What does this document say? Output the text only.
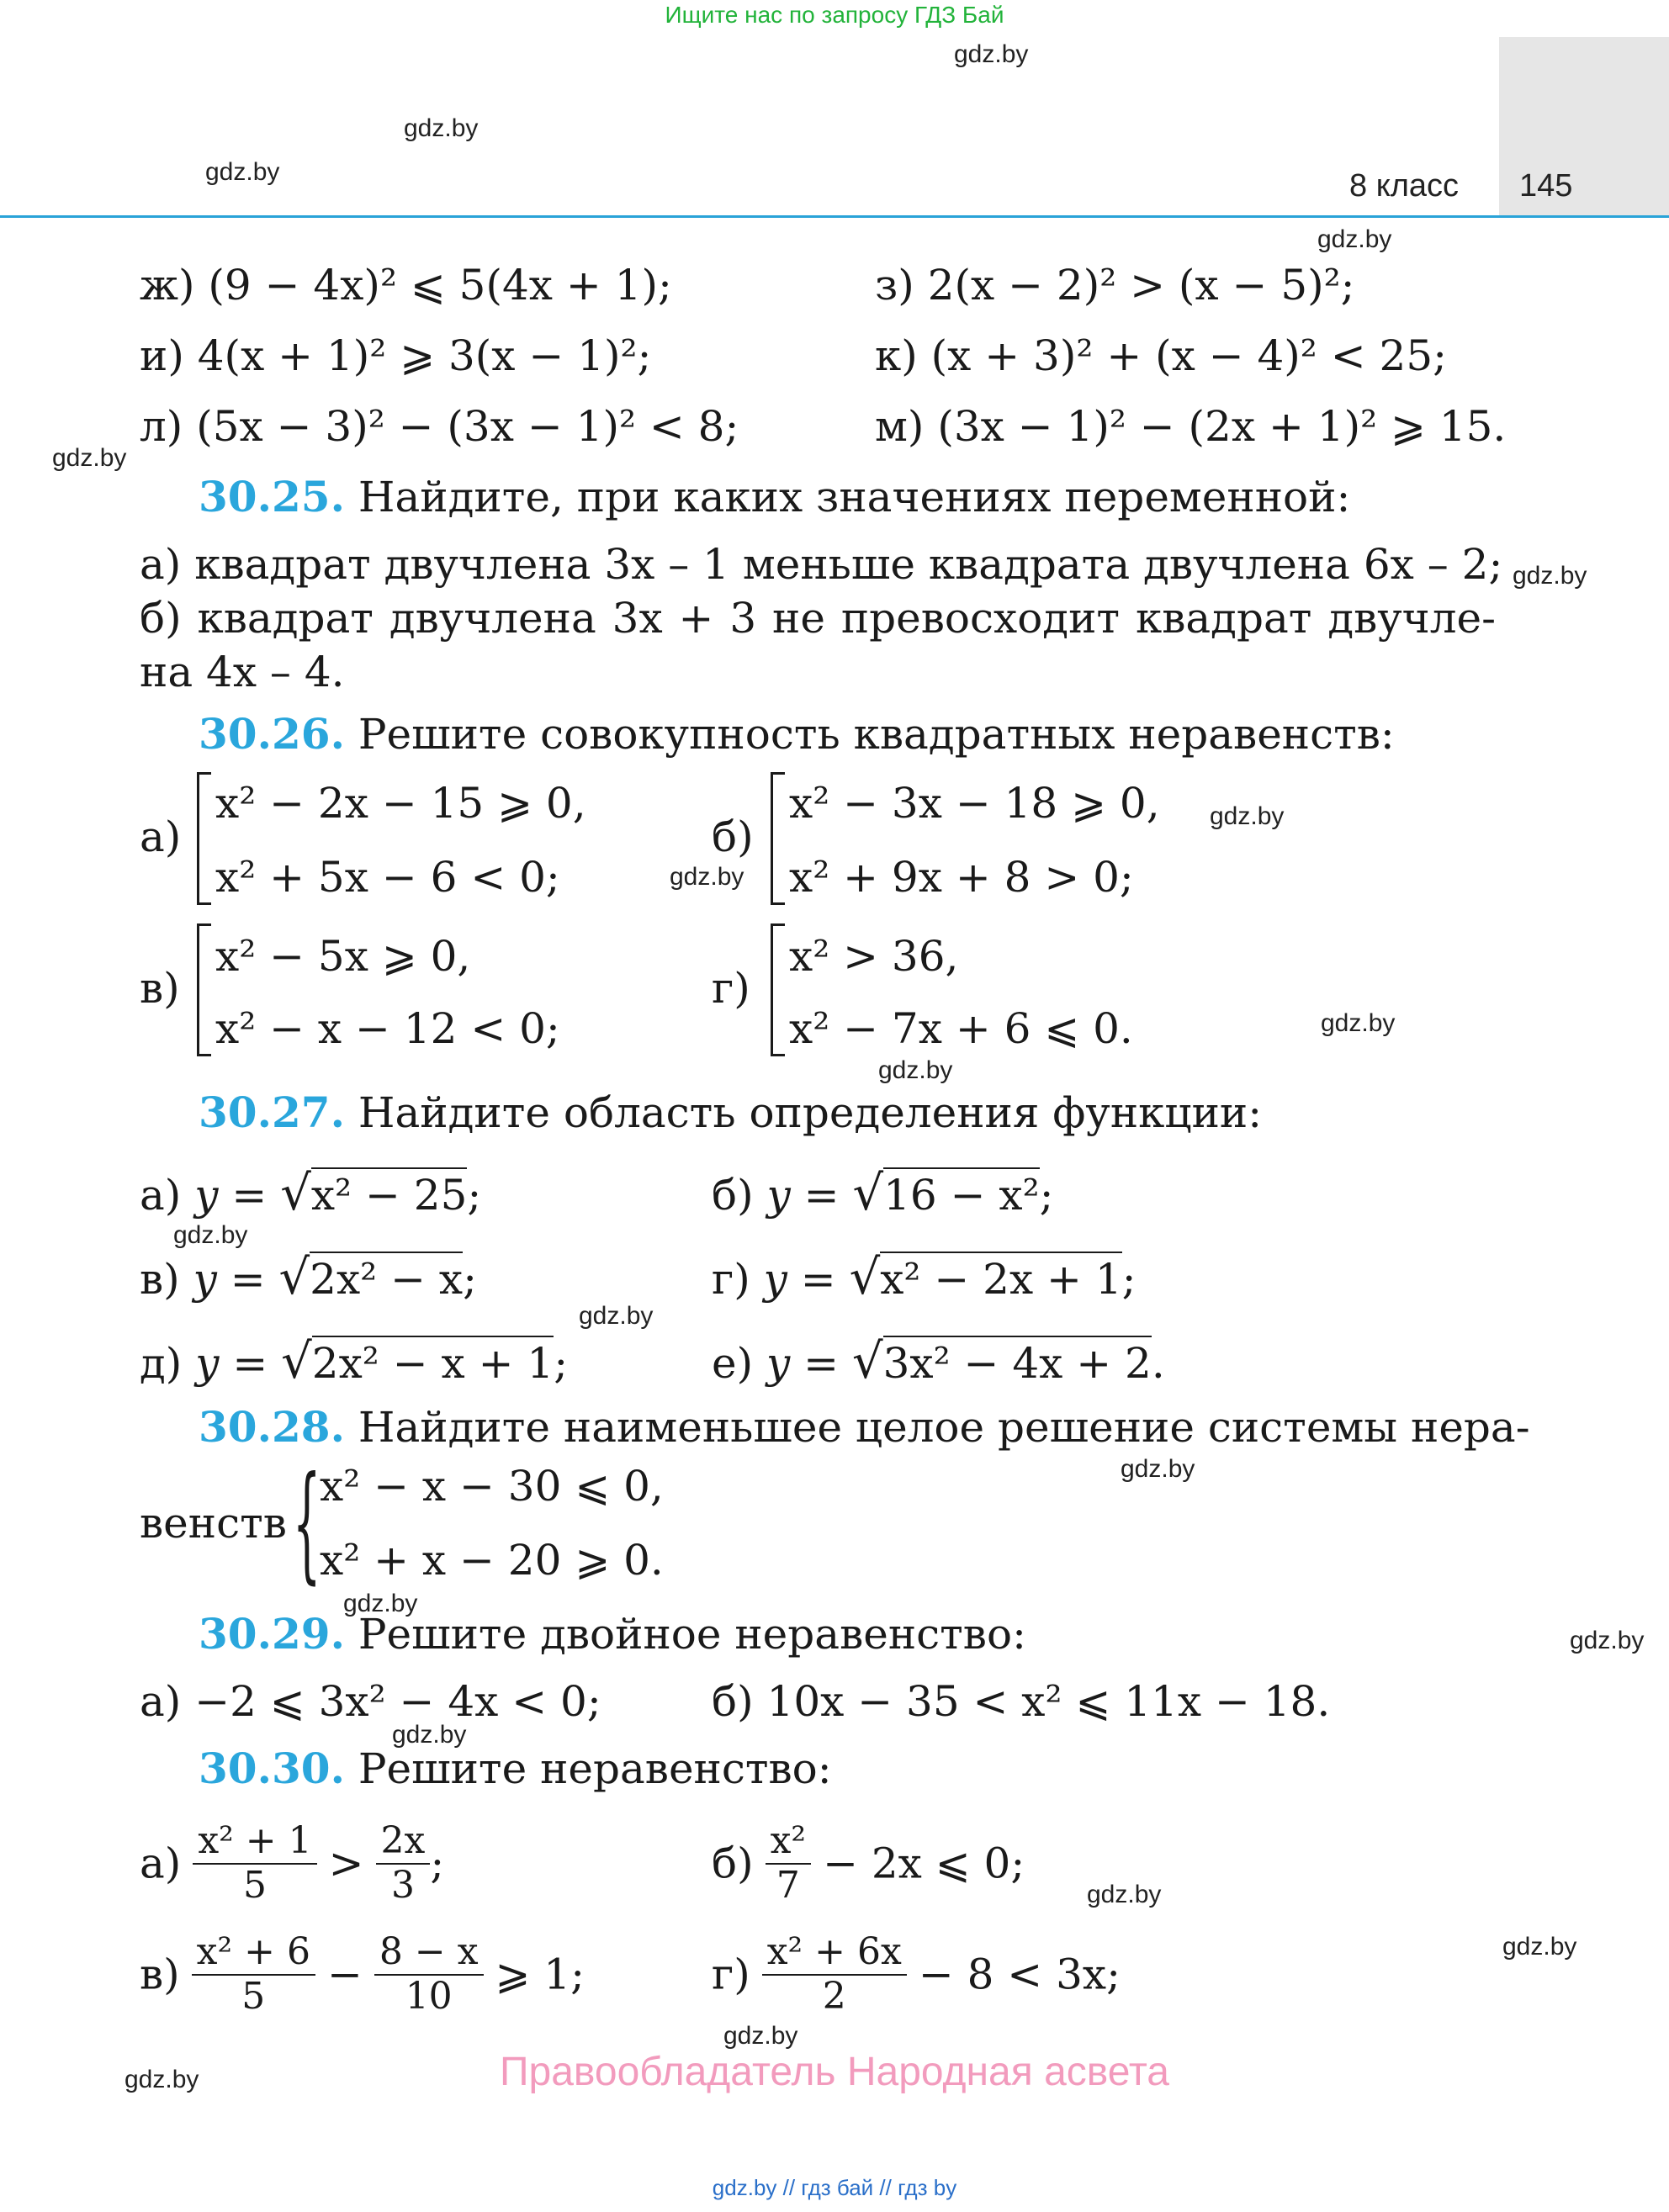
Ищите нас по запросу ГДЗ Бай
8 класс 145
gdz.by
gdz.by
gdz.by
gdz.by
gdz.by
gdz.by
gdz.by
gdz.by
gdz.by
gdz.by
gdz.by
gdz.by
gdz.by
gdz.by
gdz.by
gdz.by
gdz.by
gdz.by
gdz.by
gdz.by
ж) (9 − 4x)² ⩽ 5(4x + 1);	з) 2(x − 2)² > (x − 5)²;
и) 4(x + 1)² ⩾ 3(x − 1)²;	к) (x + 3)² + (x − 4)² < 25;
л) (5x − 3)² − (3x − 1)² < 8;	м) (3x − 1)² − (2x + 1)² ⩾ 15.
30.25. Найдите, при каких значениях переменной:
а) квадрат двучлена 3x – 1 меньше квадрата двучлена 6x – 2;
б) квадрат двучлена 3x + 3 не превосходит квадрат двучле-
на 4x – 4.
30.26. Решите совокупность квадратных неравенств:
а)
x² − 2x − 15 ⩾ 0,
x² + 5x − 6 < 0;
б)
x² − 3x − 18 ⩾ 0,
x² + 9x + 8 > 0;
в)
x² − 5x ⩾ 0,
x² − x − 12 < 0;
г)
x² > 36,
x² − 7x + 6 ⩽ 0.
30.27. Найдите область определения функции:
а) y = √x² − 25;	б) y = √16 − x²;
в) y = √2x² − x;	г) y = √x² − 2x + 1;
д) y = √2x² − x + 1;	е) y = √3x² − 4x + 2.
30.28. Найдите наименьшее целое решение системы нера-
венств {
x² − x − 30 ⩽ 0,
x² + x − 20 ⩾ 0.
30.29. Решите двойное неравенство:
а) −2 ⩽ 3x² − 4x < 0;	б) 10x − 35 < x² ⩽ 11x − 18.
30.30. Решите неравенство:
$а) \frac{\text{x² + 1}}{5} > \frac{2x}{3}$ ;	$б) \frac{\text{x²}}{7} - 2x$ ⩽ 0;
$в) \frac{\text{x² + 6}}{5} - \frac{8 - x}{10}$ ⩾ 1;	$г) \frac{\text{x² + 6x}}{2} - 8 < 3x$;
Правообладатель Народная асвета
gdz.by // гдз бай // гдз by
